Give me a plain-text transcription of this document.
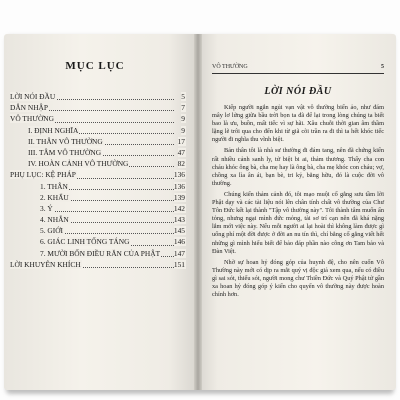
MỤC LỤC
LỜI NÓI ĐẦU	5
DẪN NHẬP	7
VÔ THƯỜNG	9
I. ĐỊNH NGHĨA	9
II. THÂN VÔ THƯỜNG	17
III. TÂM VÔ THƯỜNG	47
IV. HOÀN CẢNH VÔ THƯỜNG	82
PHỤ LỤC: KỆ PHÁP	136
1. THÂN	136
2. KHẨU	139
3. Ý	142
4. NHẪN	143
5. GIỚI	145
6. GIÁC LINH TỐNG TÁNG	146
7. MƯỜI BỐN ĐIỀU RĂN CỦA PHẬT 147
LỜI KHUYÊN KHÍCH	151
VÔ THƯỜNG	5
LỜI NÓI ĐẦU

Kiếp người ngắn ngủi vạn vật vô thường biến ảo, như đám mây lơ lửng giữa bầu trời bọn ta đã để lại trong lòng chúng ta biết bao là ưu, buồn, mất tiếc vì sự hãi. Xâu chuỗi thời gian âm thầm lặng lẽ trôi qua cho đến khi từ giã cõi trần ra đi thì ta hết khóc tiếc người đi nghĩa thu vĩnh biệt.

Bản thân tôi là nhà sư thường đi đám tang, nên đã chứng kiến rất nhiều cảnh sanh ly, tử biệt bi ai, thảm thương. Thấy cha con cháu khóc ông bà, cha mẹ hay là ông bà, cha mẹ khóc con cháu; vợ, chồng xa lìa ân ái, bạn bè, tri kỷ, bằng hữu, đó là cuộc đời vô thường.

Chúng kiến thảm cảnh đó, tôi mạo muội cố gắng sưu tầm lời Phật dạy và các tài liệu nói lên chân tính chất vô thường của Chư Tôn Đức kết lại thành "Tập vô thường này". Tôi thành tâm muốn ẩn tỏng, nhưng ngại mình đức mỏng, tài sơ trí cạn nên đã khá nặng lắm mới việc này. Nếu mỗi người ai lại hoài thì không làm được gì uống phí một đời được ở đời an nu tín thì, chí bằng cố gắng viết hết những gì mình hiểu biết để bảo đáp phần nào công ơn Tam bảo và Đàn Việt.

Nhờ sự hoan hỷ đóng góp của huynh đệ, cho nên cuốn Vô Thường này mới có dịp ra mắt quý vị độc giả xem qua, nếu có điều gì sai sót, thiếu sót, người mong chư Thiền Đức và Quý Phật tử gần xa hoan hỷ đóng góp ý kiến cho quyển vô thường này được hoàn chỉnh hơn.
